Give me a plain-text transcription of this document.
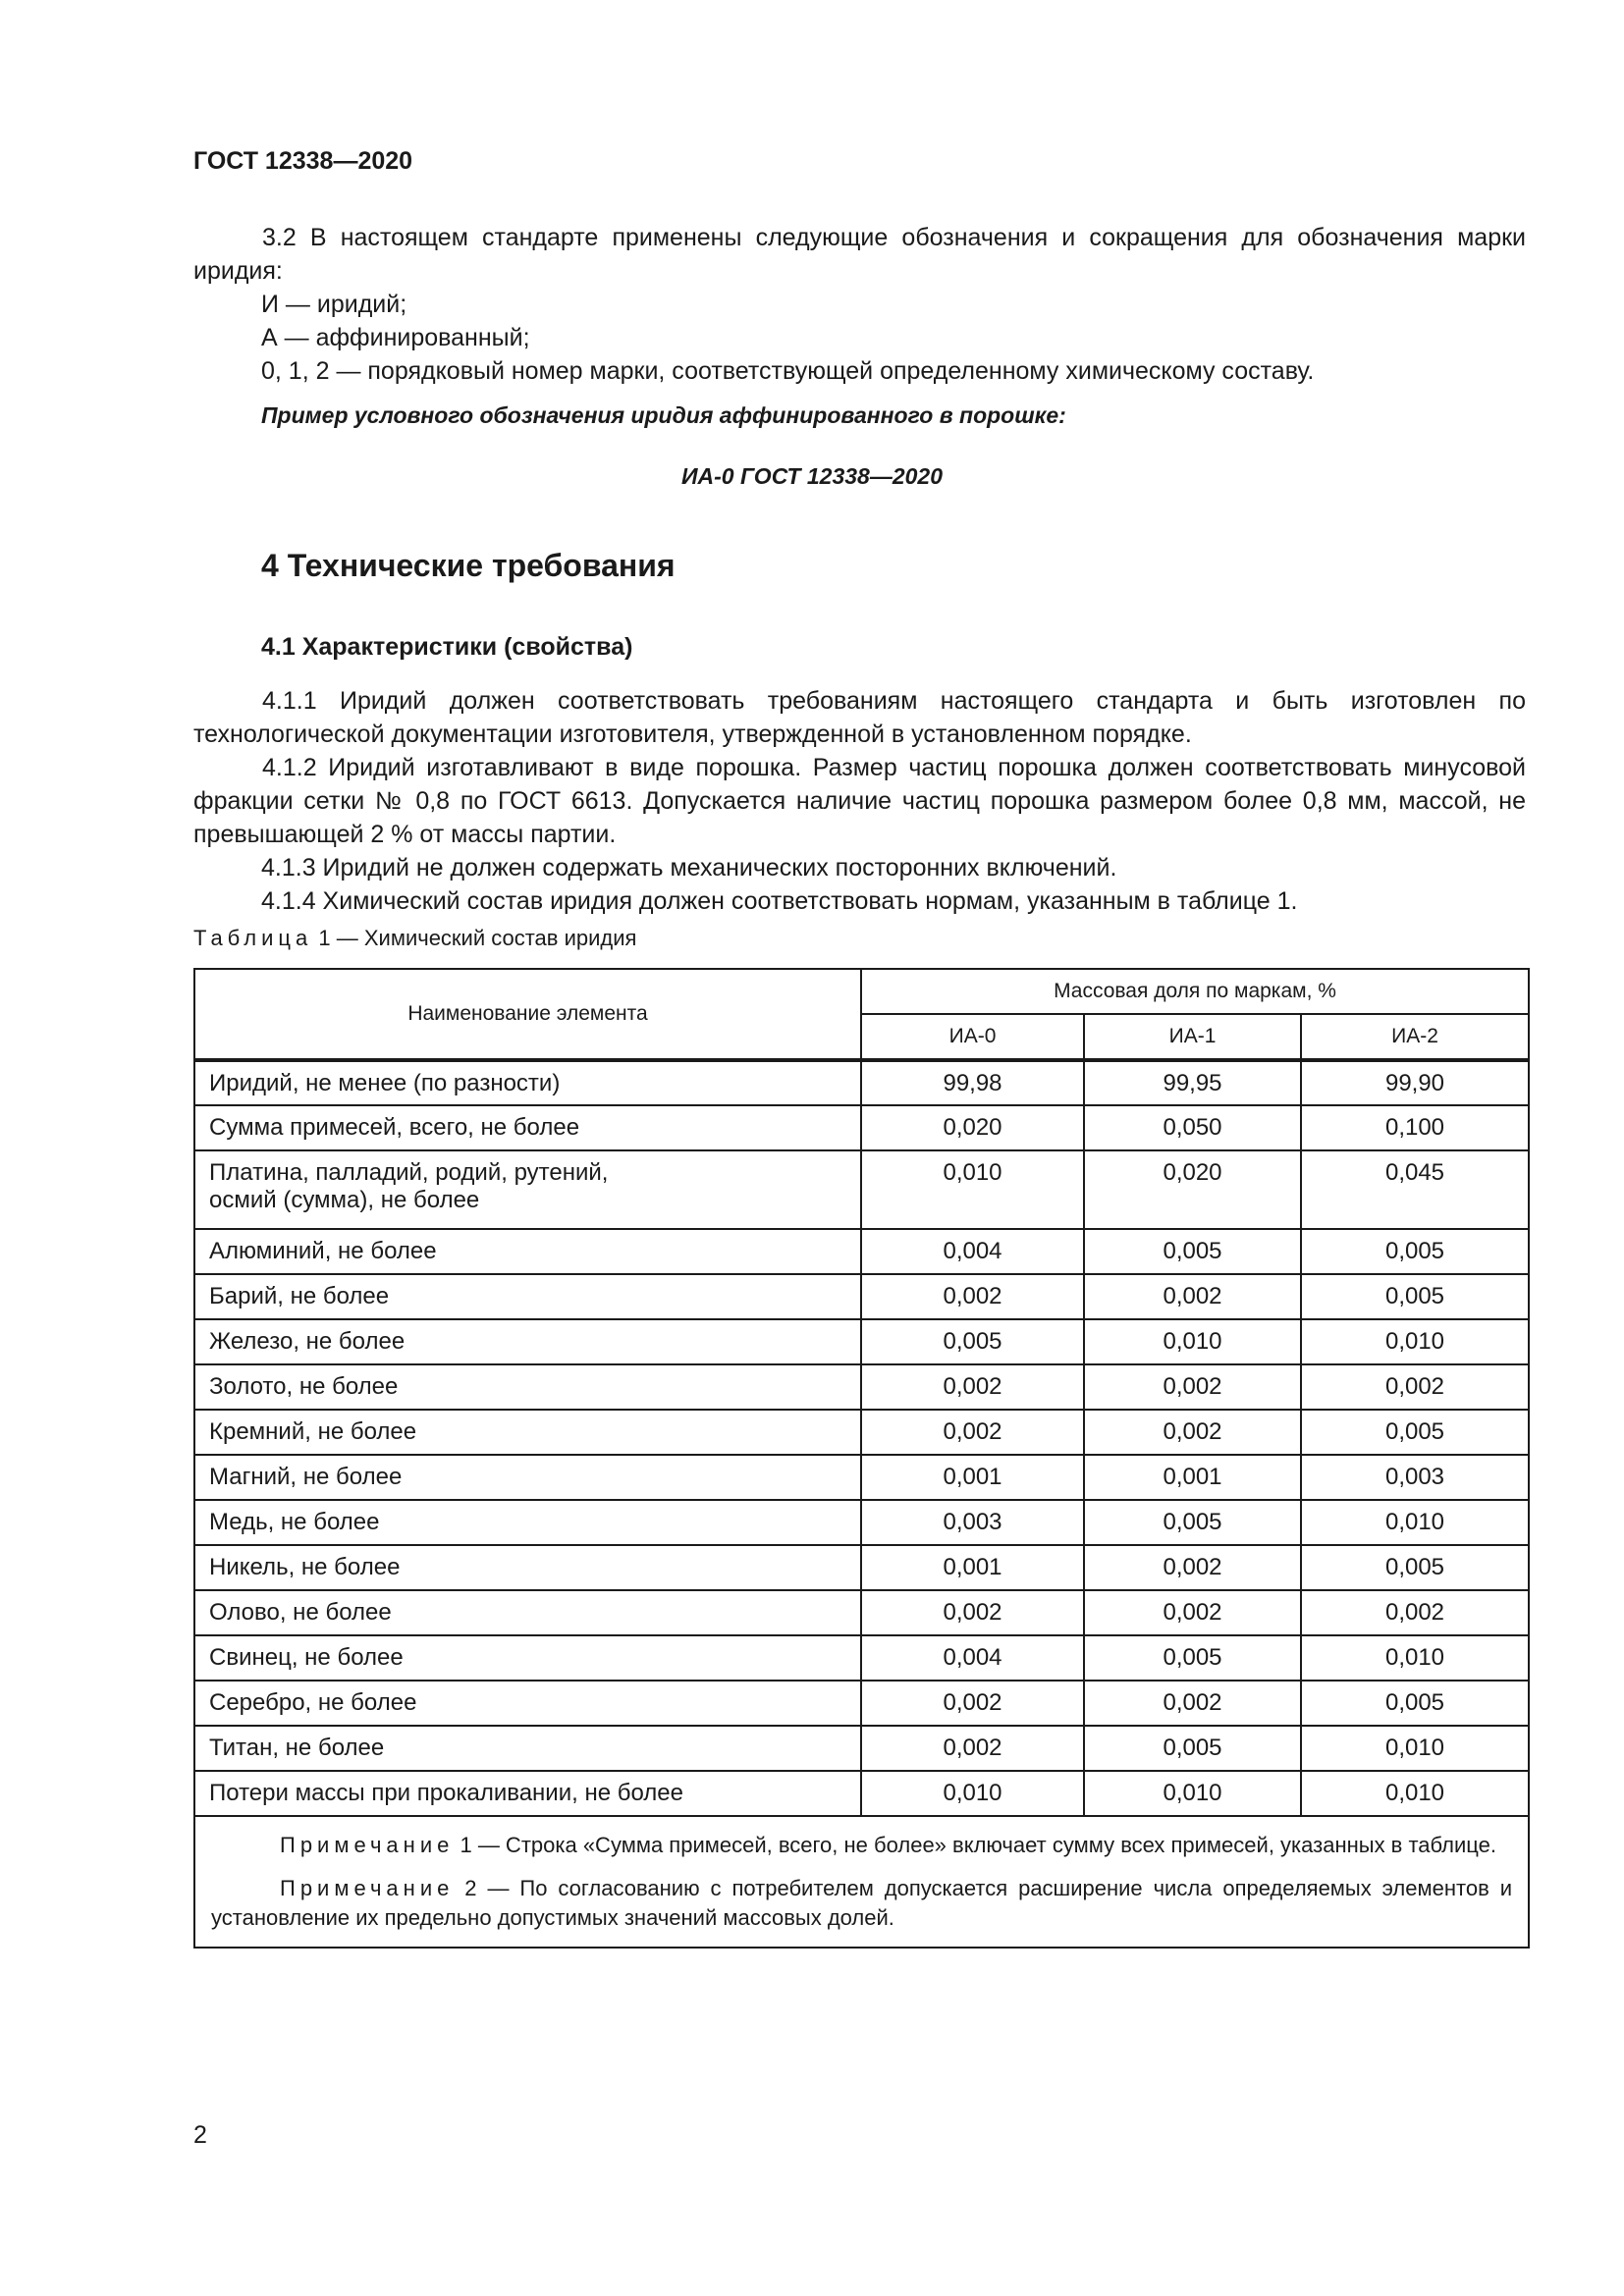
ГОСТ 12338—2020
3.2 В настоящем стандарте применены следующие обозначения и сокращения для обозначения марки иридия:
И — иридий;
А — аффинированный;
0, 1, 2 — порядковый номер марки, соответствующей определенному химическому составу.
Пример условного обозначения иридия аффинированного в порошке:
ИА-0 ГОСТ 12338—2020
4 Технические требования
4.1 Характеристики (свойства)
4.1.1 Иридий должен соответствовать требованиям настоящего стандарта и быть изготовлен по технологической документации изготовителя, утвержденной в установленном порядке.
4.1.2 Иридий изготавливают в виде порошка. Размер частиц порошка должен соответствовать минусовой фракции сетки № 0,8 по ГОСТ 6613. Допускается наличие частиц порошка размером более 0,8 мм, массой, не превышающей 2 % от массы партии.
4.1.3 Иридий не должен содержать механических посторонних включений.
4.1.4 Химический состав иридия должен соответствовать нормам, указанным в таблице 1.
Таблица 1 — Химический состав иридия
Наименование элемента	Массовая доля по маркам, %		
	ИА-0	ИА-1	ИА-2
Иридий, не менее (по разности)	99,98	99,95	99,90
Сумма примесей, всего, не более	0,020	0,050	0,100

Платина, палладий, родий, рутений,
осмий (сумма), не более	0,010	0,020	0,045
Алюминий, не более	0,004	0,005	0,005
Барий, не более	0,002	0,002	0,005
Железо, не более	0,005	0,010	0,010
Золото, не более	0,002	0,002	0,002
Кремний, не более	0,002	0,002	0,005
Магний, не более	0,001	0,001	0,003
Медь, не более	0,003	0,005	0,010
Никель, не более	0,001	0,002	0,005
Олово, не более	0,002	0,002	0,002
Свинец, не более	0,004	0,005	0,010
Серебро, не более	0,002	0,002	0,005
Титан, не более	0,002	0,005	0,010
Потери массы при прокаливании, не более	0,010	0,010	0,010

Примечание 1 — Строка «Сумма примесей, всего, не более» включает сумму всех примесей, указанных в таблице.

Примечание 2 — По согласованию с потребителем допускается расширение числа определяемых элементов и установление их предельно допустимых значений массовых долей.			

2
